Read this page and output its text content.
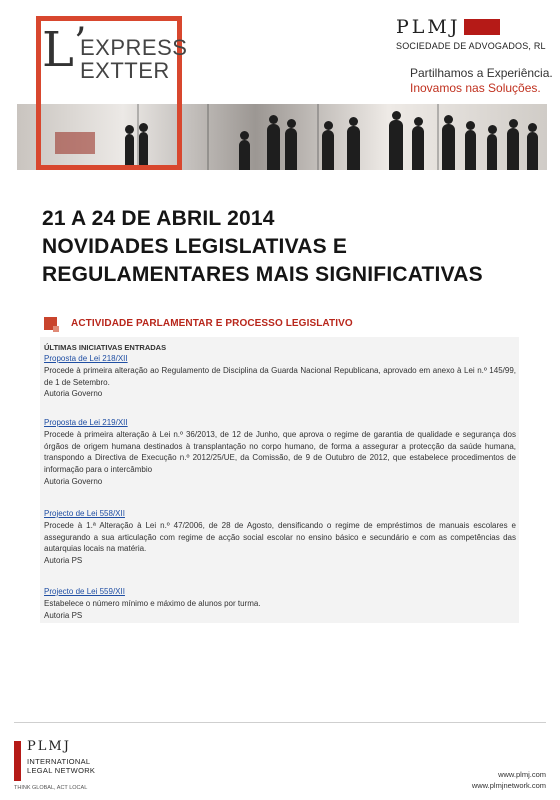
L’
EXPRESS
EXTTER
PLMJ
SOCIEDADE DE ADVOGADOS, RL
Partilhamos a Experiência.
Inovamos nas Soluções.
21 A 24 DE ABRIL 2014
NOVIDADES LEGISLATIVAS E
REGULAMENTARES MAIS SIGNIFICATIVAS
ACTIVIDADE PARLAMENTAR E PROCESSO LEGISLATIVO
ÚLTIMAS INICIATIVAS ENTRADAS
Proposta de Lei 218/XII
Procede à primeira alteração ao Regulamento de Disciplina da Guarda Nacional Republicana, aprovado em anexo à Lei n.º 145/99, de 1 de Setembro.
Autoria Governo
Proposta de Lei 219/XII
Procede à primeira alteração à Lei n.º 36/2013, de 12 de Junho, que aprova o regime de garantia de qualidade e segurança dos órgãos de origem humana destinados à transplantação no corpo humano, de forma a assegurar a protecção da saúde humana, transpondo a Directiva de Execução n.º 2012/25/UE, da Comissão, de 9 de Outubro de 2012, que estabelece procedimentos de informação para o intercâmbio
Autoria Governo
Projecto de Lei 558/XII
Procede à 1.ª Alteração à Lei n.º 47/2006, de 28 de Agosto, densificando o regime de empréstimos de manuais escolares e assegurando a sua articulação com regime de acção social escolar no ensino básico e secundário e com as competências das autarquias locais na matéria.
Autoria PS
Projecto de Lei 559/XII
Estabelece o número mínimo e máximo de alunos por turma.
Autoria PS
PLMJ
INTERNATIONAL
LEGAL NETWORK
THINK GLOBAL, ACT LOCAL
www.plmj.com
www.plmjnetwork.com
